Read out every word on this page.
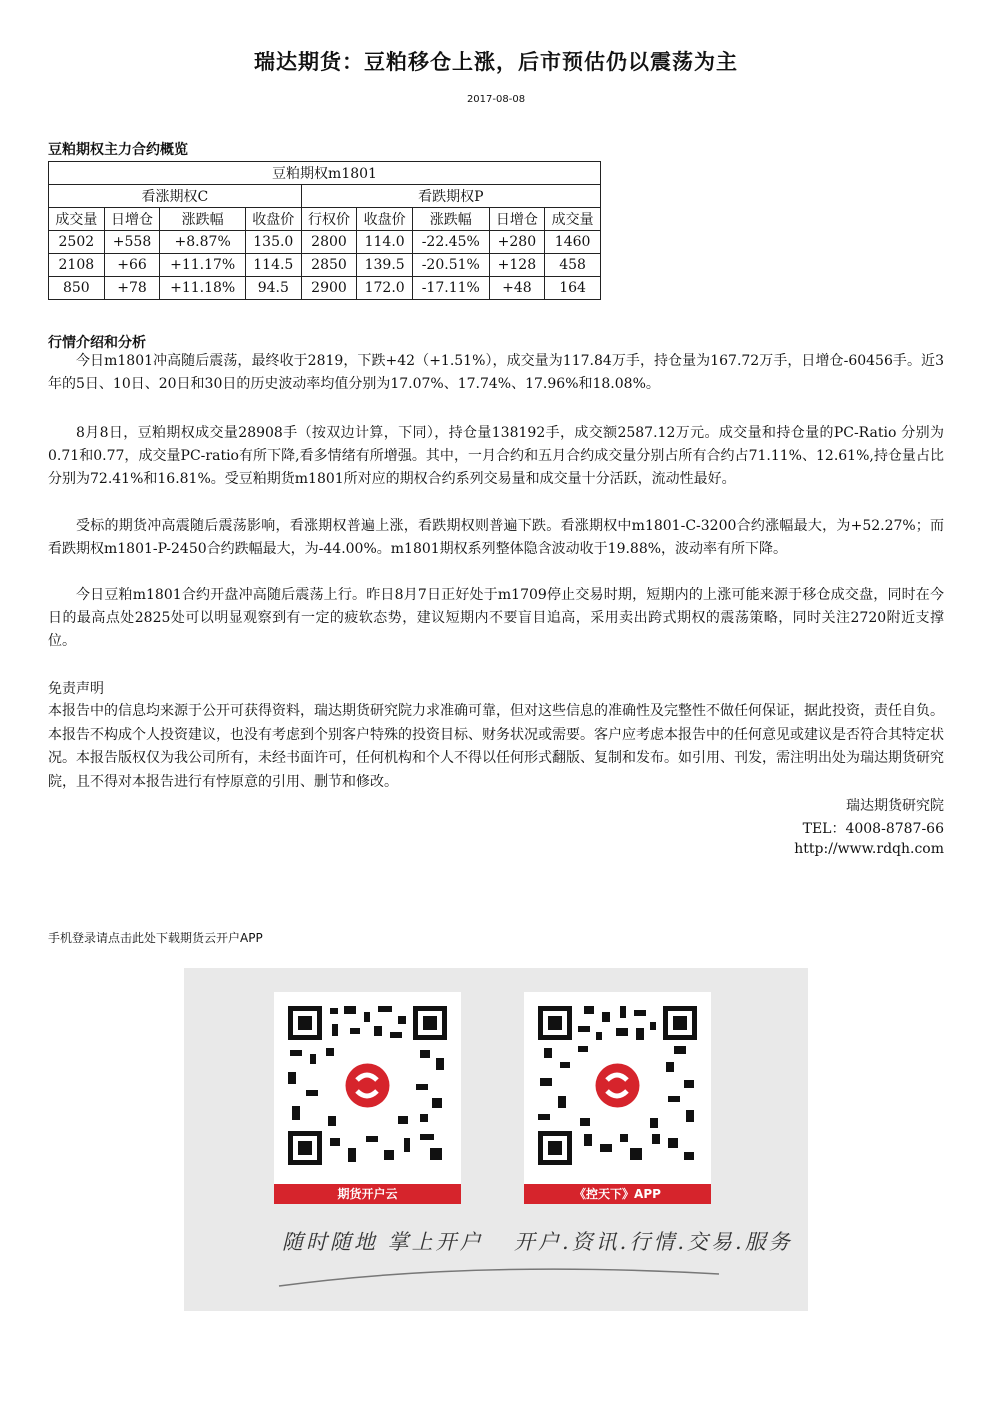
瑞达期货：豆粕移仓上涨，后市预估仍以震荡为主
2017-08-08
豆粕期权主力合约概览
豆粕期权m1801								
看涨期权C				看跌期权P				
成交量	日增仓	涨跌幅	收盘价	行权价	收盘价	涨跌幅	日增仓	成交量
2502	+558	+8.87%	135.0	2800	114.0	-22.45%	+280	1460
2108	+66	+11.17%	114.5	2850	139.5	-20.51%	+128	458
850	+78	+11.18%	94.5	2900	172.0	-17.11%	+48	164
行情介绍和分析
今日m1801冲高随后震荡，最终收于2819，下跌+42（+1.51%），成交量为117.84万手，持仓量为167.72万手，日增仓-60456手。近3年的5日、10日、20日和30日的历史波动率均值分别为17.07%、17.74%、17.96%和18.08%。
8月8日，豆粕期权成交量28908手（按双边计算，下同），持仓量138192手，成交额2587.12万元。成交量和持仓量的PC-Ratio 分别为0.71和0.77，成交量PC-ratio有所下降,看多情绪有所增强。其中，一月合约和五月合约成交量分别占所有合约占71.11%、12.61%,持仓量占比分别为72.41%和16.81%。受豆粕期货m1801所对应的期权合约系列交易量和成交量十分活跃，流动性最好。
受标的期货冲高震随后震荡影响，看涨期权普遍上涨，看跌期权则普遍下跌。看涨期权中m1801-C-3200合约涨幅最大，为+52.27%；而看跌期权m1801-P-2450合约跌幅最大，为-44.00%。m1801期权系列整体隐含波动收于19.88%，波动率有所下降。
今日豆粕m1801合约开盘冲高随后震荡上行。昨日8月7日正好处于m1709停止交易时期，短期内的上涨可能来源于移仓成交盘，同时在今日的最高点处2825处可以明显观察到有一定的疲软态势，建议短期内不要盲目追高，采用卖出跨式期权的震荡策略，同时关注2720附近支撑位。
免责声明
本报告中的信息均来源于公开可获得资料，瑞达期货研究院力求准确可靠，但对这些信息的准确性及完整性不做任何保证，据此投资，责任自负。本报告不构成个人投资建议，也没有考虑到个别客户特殊的投资目标、财务状况或需要。客户应考虑本报告中的任何意见或建议是否符合其特定状况。本报告版权仅为我公司所有，未经书面许可，任何机构和个人不得以任何形式翻版、复制和发布。如引用、刊发，需注明出处为瑞达期货研究院，且不得对本报告进行有悖原意的引用、删节和修改。
瑞达期货研究院
TEL：4008-8787-66
http://www.rdqh.com
手机登录请点击此处下载期货云开户APP
期货开户云	《控天下》APP
随时随地 掌上开户 开户.资讯.行情.交易.服务
